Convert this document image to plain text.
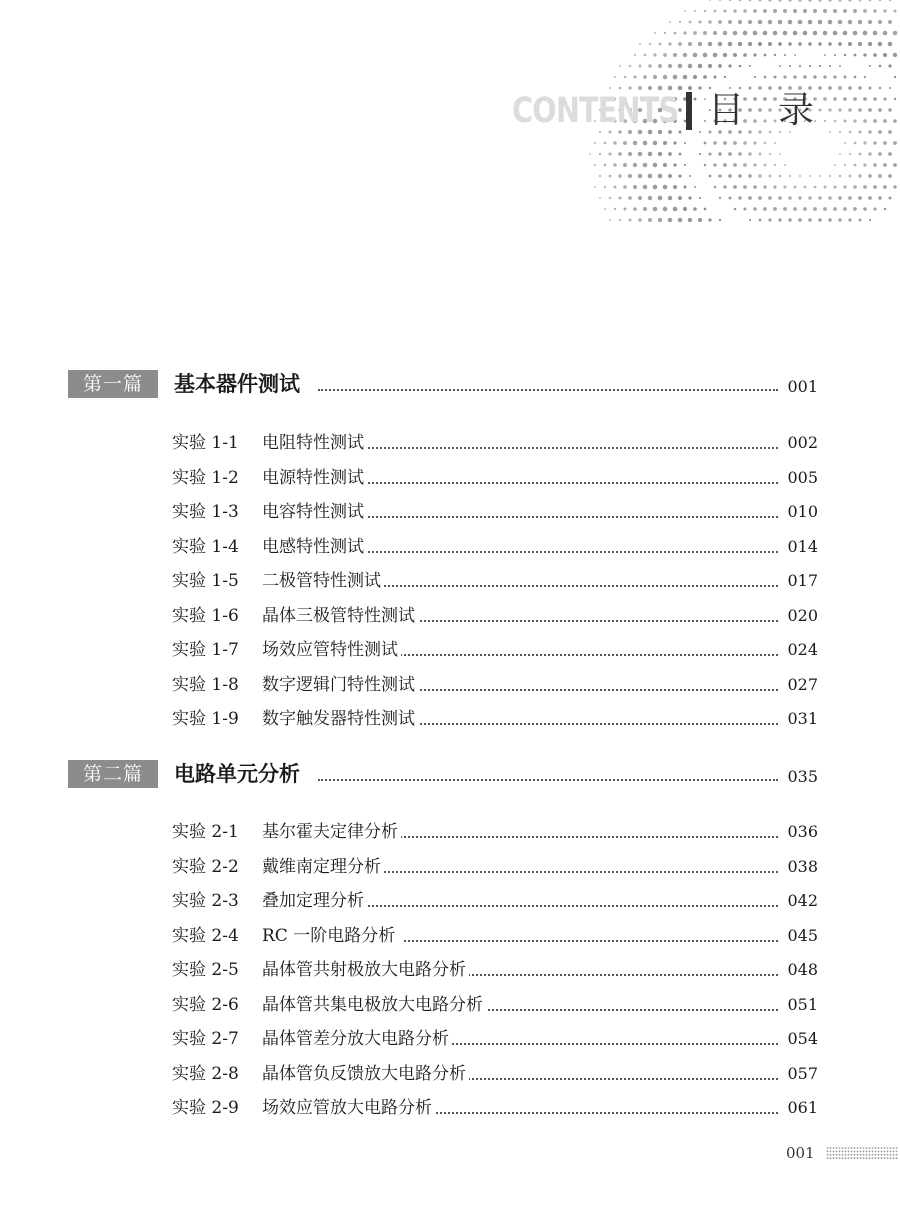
CONTENTS 目录
第一篇	基本器件测试	001
实验 1-1 电阻特性测试	002
实验 1-2 电源特性测试	005
实验 1-3 电容特性测试	010
实验 1-4 电感特性测试	014
实验 1-5 二极管特性测试	017
实验 1-6 晶体三极管特性测试	020
实验 1-7 场效应管特性测试	024
实验 1-8 数字逻辑门特性测试	027
实验 1-9 数字触发器特性测试	031
第二篇	电路单元分析	035
实验 2-1 基尔霍夫定律分析	036
实验 2-2 戴维南定理分析	038
实验 2-3 叠加定理分析	042
实验 2-4 RC 一阶电路分析	045
实验 2-5 晶体管共射极放大电路分析	048
实验 2-6 晶体管共集电极放大电路分析	051
实验 2-7 晶体管差分放大电路分析	054
实验 2-8 晶体管负反馈放大电路分析	057
实验 2-9 场效应管放大电路分析	061
001
